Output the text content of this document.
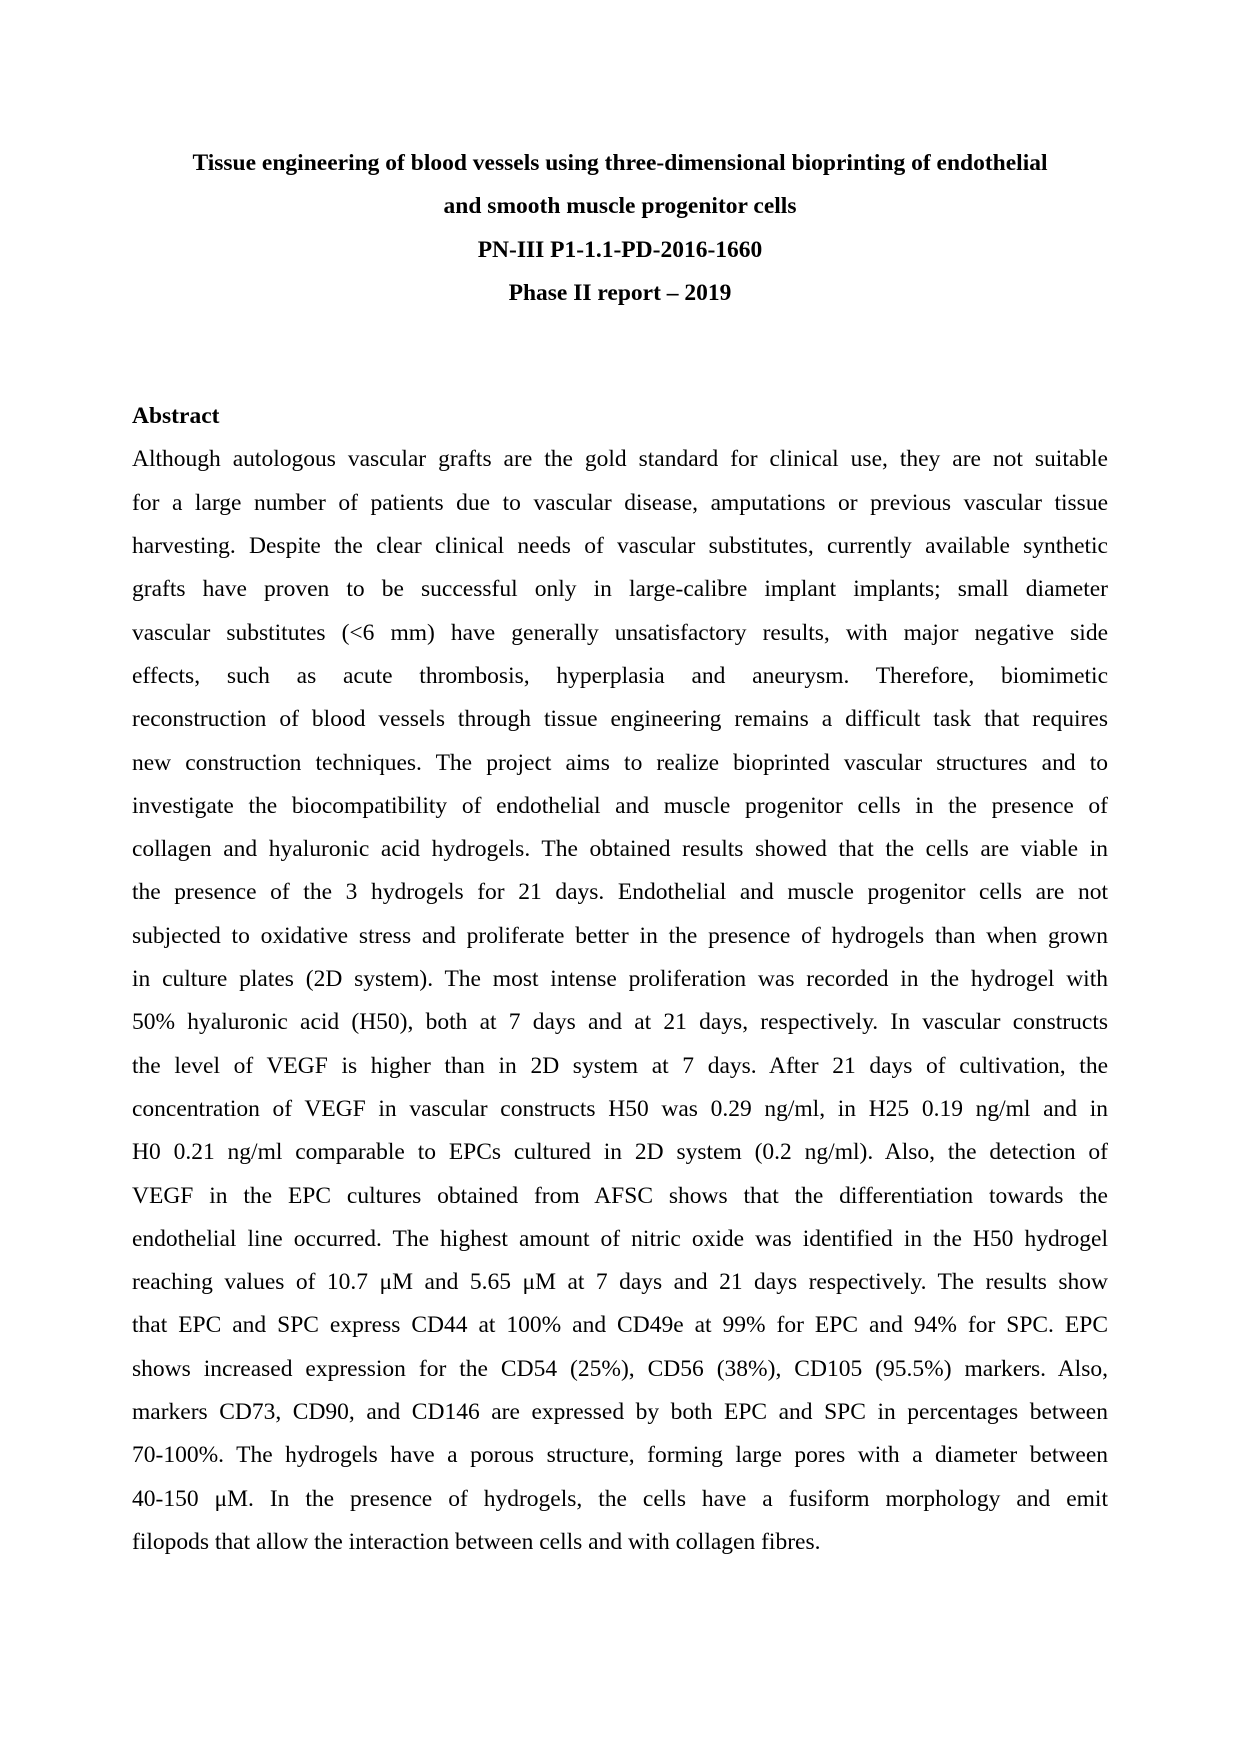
Tissue engineering of blood vessels using three-dimensional bioprinting of endothelial
and smooth muscle progenitor cells
PN-III P1-1.1-PD-2016-1660
Phase II report – 2019
Abstract
Although autologous vascular grafts are the gold standard for clinical use, they are not suitable
for a large number of patients due to vascular disease, amputations or previous vascular tissue
harvesting. Despite the clear clinical needs of vascular substitutes, currently available synthetic
grafts have proven to be successful only in large-calibre implant implants; small diameter
vascular substitutes (<6 mm) have generally unsatisfactory results, with major negative side
effects, such as acute thrombosis, hyperplasia and aneurysm. Therefore, biomimetic
reconstruction of blood vessels through tissue engineering remains a difficult task that requires
new construction techniques. The project aims to realize bioprinted vascular structures and to
investigate the biocompatibility of endothelial and muscle progenitor cells in the presence of
collagen and hyaluronic acid hydrogels. The obtained results showed that the cells are viable in
the presence of the 3 hydrogels for 21 days. Endothelial and muscle progenitor cells are not
subjected to oxidative stress and proliferate better in the presence of hydrogels than when grown
in culture plates (2D system). The most intense proliferation was recorded in the hydrogel with
50% hyaluronic acid (H50), both at 7 days and at 21 days, respectively. In vascular constructs
the level of VEGF is higher than in 2D system at 7 days. After 21 days of cultivation, the
concentration of VEGF in vascular constructs H50 was 0.29 ng/ml, in H25 0.19 ng/ml and in
H0 0.21 ng/ml comparable to EPCs cultured in 2D system (0.2 ng/ml). Also, the detection of
VEGF in the EPC cultures obtained from AFSC shows that the differentiation towards the
endothelial line occurred. The highest amount of nitric oxide was identified in the H50 hydrogel
reaching values of 10.7 μM and 5.65 μM at 7 days and 21 days respectively. The results show
that EPC and SPC express CD44 at 100% and CD49e at 99% for EPC and 94% for SPC. EPC
shows increased expression for the CD54 (25%), CD56 (38%), CD105 (95.5%) markers. Also,
markers CD73, CD90, and CD146 are expressed by both EPC and SPC in percentages between
70-100%. The hydrogels have a porous structure, forming large pores with a diameter between
40-150 μM. In the presence of hydrogels, the cells have a fusiform morphology and emit
filopods that allow the interaction between cells and with collagen fibres.
